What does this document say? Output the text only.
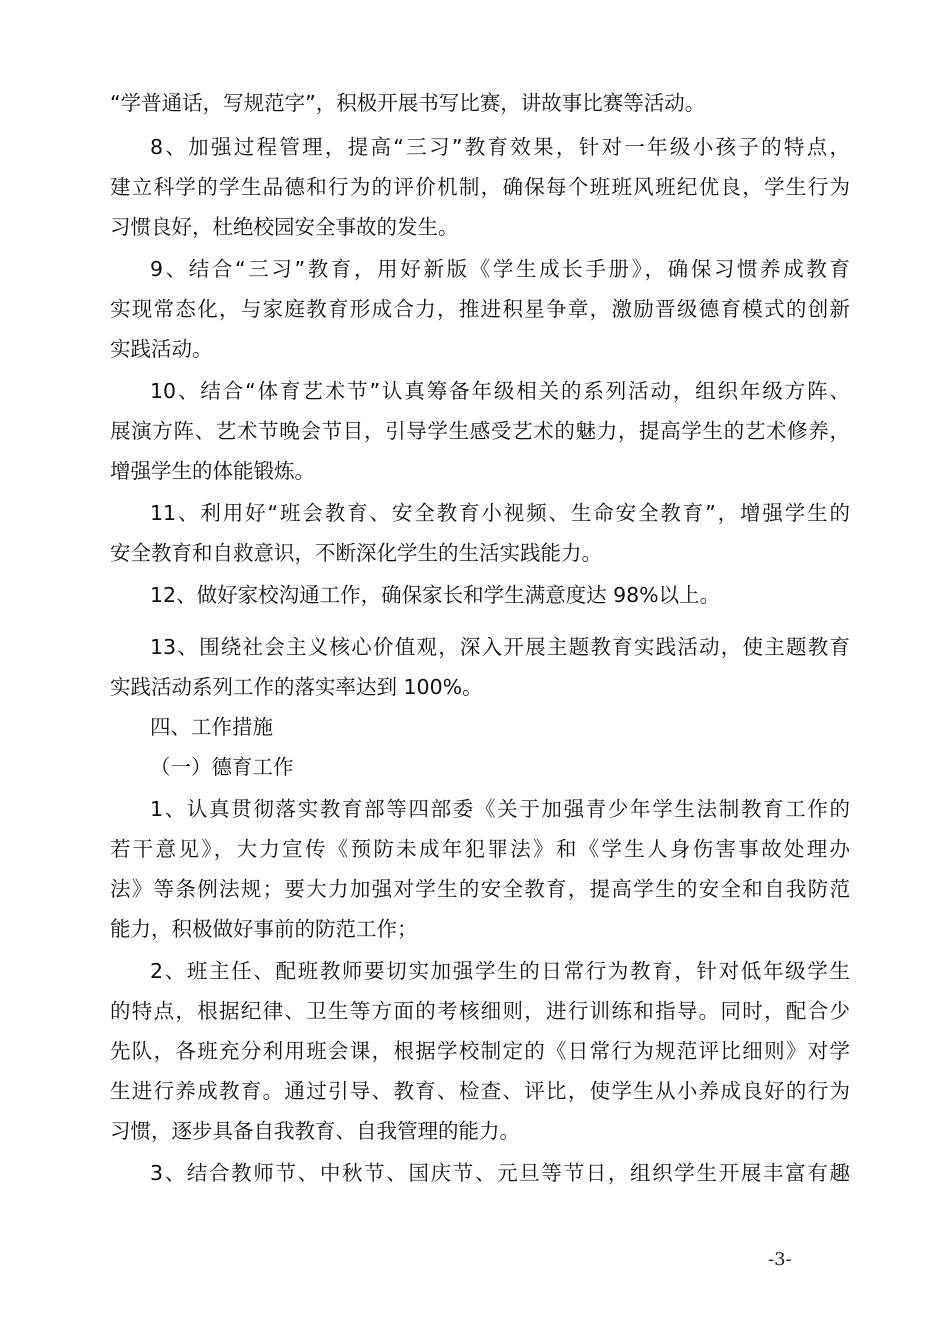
“学普通话，写规范字”，积极开展书写比赛，讲故事比赛等活动。
8、加强过程管理，提高“三习”教育效果，针对一年级小孩子的特点，
建立科学的学生品德和行为的评价机制，确保每个班班风班纪优良，学生行为
习惯良好，杜绝校园安全事故的发生。
9、结合“三习”教育，用好新版《学生成长手册》，确保习惯养成教育
实现常态化，与家庭教育形成合力，推进积星争章，激励晋级德育模式的创新
实践活动。
10、结合“体育艺术节”认真筹备年级相关的系列活动，组织年级方阵、
展演方阵、艺术节晚会节目，引导学生感受艺术的魅力，提高学生的艺术修养，
增强学生的体能锻炼。
11、利用好“班会教育、安全教育小视频、生命安全教育”，增强学生的
安全教育和自救意识，不断深化学生的生活实践能力。
12、做好家校沟通工作，确保家长和学生满意度达 98%以上。
13、围绕社会主义核心价值观，深入开展主题教育实践活动，使主题教育
实践活动系列工作的落实率达到 100%。
四、工作措施
（一）德育工作
1、认真贯彻落实教育部等四部委《关于加强青少年学生法制教育工作的
若干意见》，大力宣传《预防未成年犯罪法》和《学生人身伤害事故处理办
法》等条例法规；要大力加强对学生的安全教育，提高学生的安全和自我防范
能力，积极做好事前的防范工作；
2、班主任、配班教师要切实加强学生的日常行为教育，针对低年级学生
的特点，根据纪律、卫生等方面的考核细则，进行训练和指导。同时，配合少
先队，各班充分利用班会课，根据学校制定的《日常行为规范评比细则》对学
生进行养成教育。通过引导、教育、检查、评比，使学生从小养成良好的行为
习惯，逐步具备自我教育、自我管理的能力。
3、结合教师节、中秋节、国庆节、元旦等节日，组织学生开展丰富有趣
-3-
